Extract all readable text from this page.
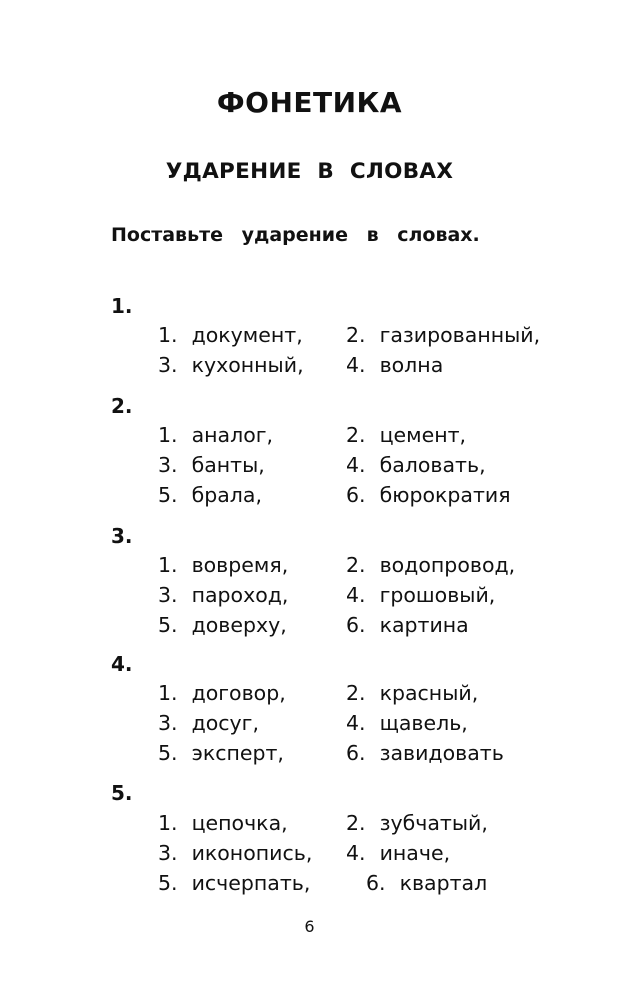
ФОНЕТИКА
УДАРЕНИЕ В СЛОВАХ
Поставьте ударение в словах.
1.
1. документ, 2. газированный,
3. кухонный, 4. волна
2.
1. аналог,	2. цемент,
3. банты,	4. баловать,
5. брала,	6. бюрократия
3.
1. вовремя,	2. водопровод,
3. пароход,	4. грошовый,
5. доверху,	6. картина
4.
1. договор,	2. красный,
3. досуг,	4. щавель,
5. эксперт,	6. завидовать
5.
1. цепочка,	2. зубчатый,
3. иконопись, 4. иначе,
5. исчерпать,	6. квартал
6
